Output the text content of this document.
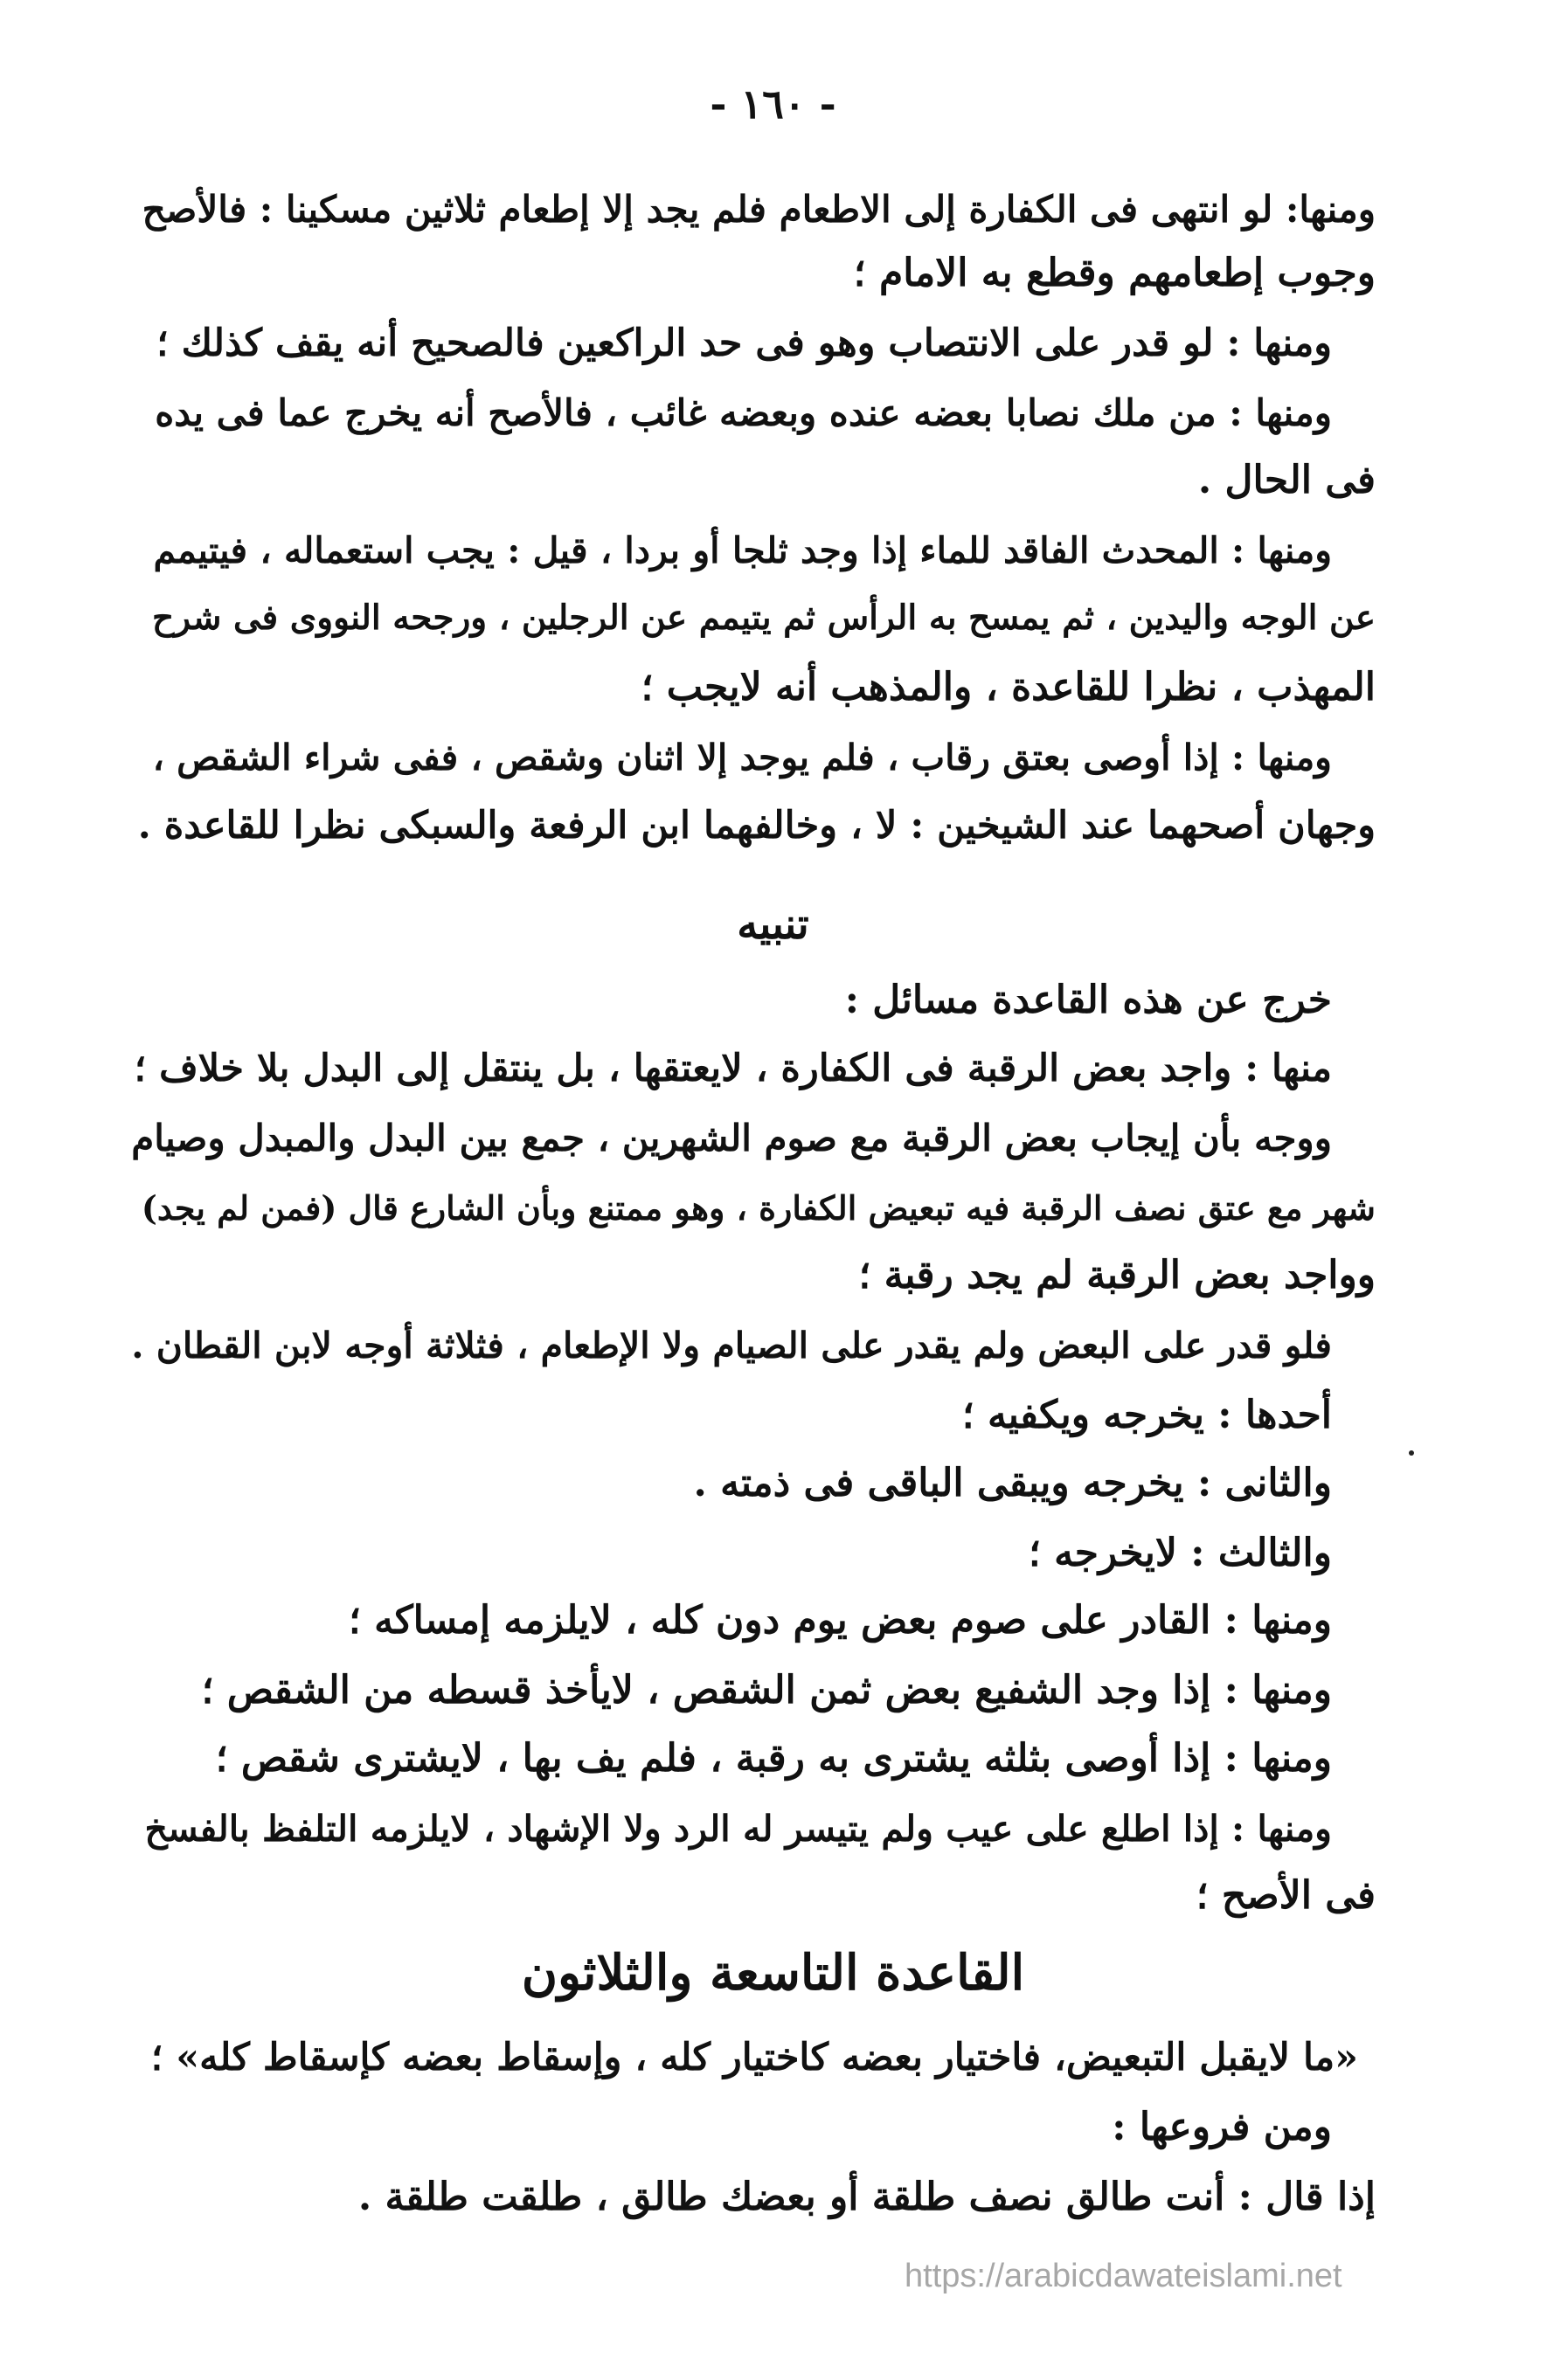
- ١٦٠ -
ومنها: لو انتهى فى الكفارة إلى الاطعام فلم يجد إلا إطعام ثلاثين مسكينا : فالأصح
وجوب إطعامهم وقطع به الامام ؛
ومنها : لو قدر على الانتصاب وهو فى حد الراكعين فالصحيح أنه يقف كذلك ؛
ومنها : من ملك نصابا بعضه عنده وبعضه غائب ، فالأصح أنه يخرج عما فى يده
فى الحال .
ومنها : المحدث الفاقد للماء إذا وجد ثلجا أو بردا ، قيل : يجب استعماله ، فيتيمم
عن الوجه واليدين ، ثم يمسح به الرأس ثم يتيمم عن الرجلين ، ورجحه النووى فى شرح
المهذب ، نظرا للقاعدة ، والمذهب أنه لايجب ؛
ومنها : إذا أوصى بعتق رقاب ، فلم يوجد إلا اثنان وشقص ، ففى شراء الشقص ،
وجهان أصحهما عند الشيخين : لا ، وخالفهما ابن الرفعة والسبكى نظرا للقاعدة .
تنبيه
خرج عن هذه القاعدة مسائل :
منها : واجد بعض الرقبة فى الكفارة ، لايعتقها ، بل ينتقل إلى البدل بلا خلاف ؛
ووجه بأن إيجاب بعض الرقبة مع صوم الشهرين ، جمع بين البدل والمبدل وصيام
شهر مع عتق نصف الرقبة فيه تبعيض الكفارة ، وهو ممتنع وبأن الشارع قال (فمن لم يجد)
وواجد بعض الرقبة لم يجد رقبة ؛
فلو قدر على البعض ولم يقدر على الصيام ولا الإطعام ، فثلاثة أوجه لابن القطان .
أحدها : يخرجه ويكفيه ؛
والثانى : يخرجه ويبقى الباقى فى ذمته .
والثالث : لايخرجه ؛
ومنها : القادر على صوم بعض يوم دون كله ، لايلزمه إمساكه ؛
ومنها : إذا وجد الشفيع بعض ثمن الشقص ، لايأخذ قسطه من الشقص ؛
ومنها : إذا أوصى بثلثه يشترى به رقبة ، فلم يف بها ، لايشترى شقص ؛
ومنها : إذا اطلع على عيب ولم يتيسر له الرد ولا الإشهاد ، لايلزمه التلفظ بالفسخ
فى الأصح ؛
القاعدة التاسعة والثلاثون
«ما لايقبل التبعيض، فاختيار بعضه كاختيار كله ، وإسقاط بعضه كإسقاط كله» ؛
ومن فروعها :
إذا قال : أنت طالق نصف طلقة أو بعضك طالق ، طلقت طلقة .
https://arabicdawateislami.net
